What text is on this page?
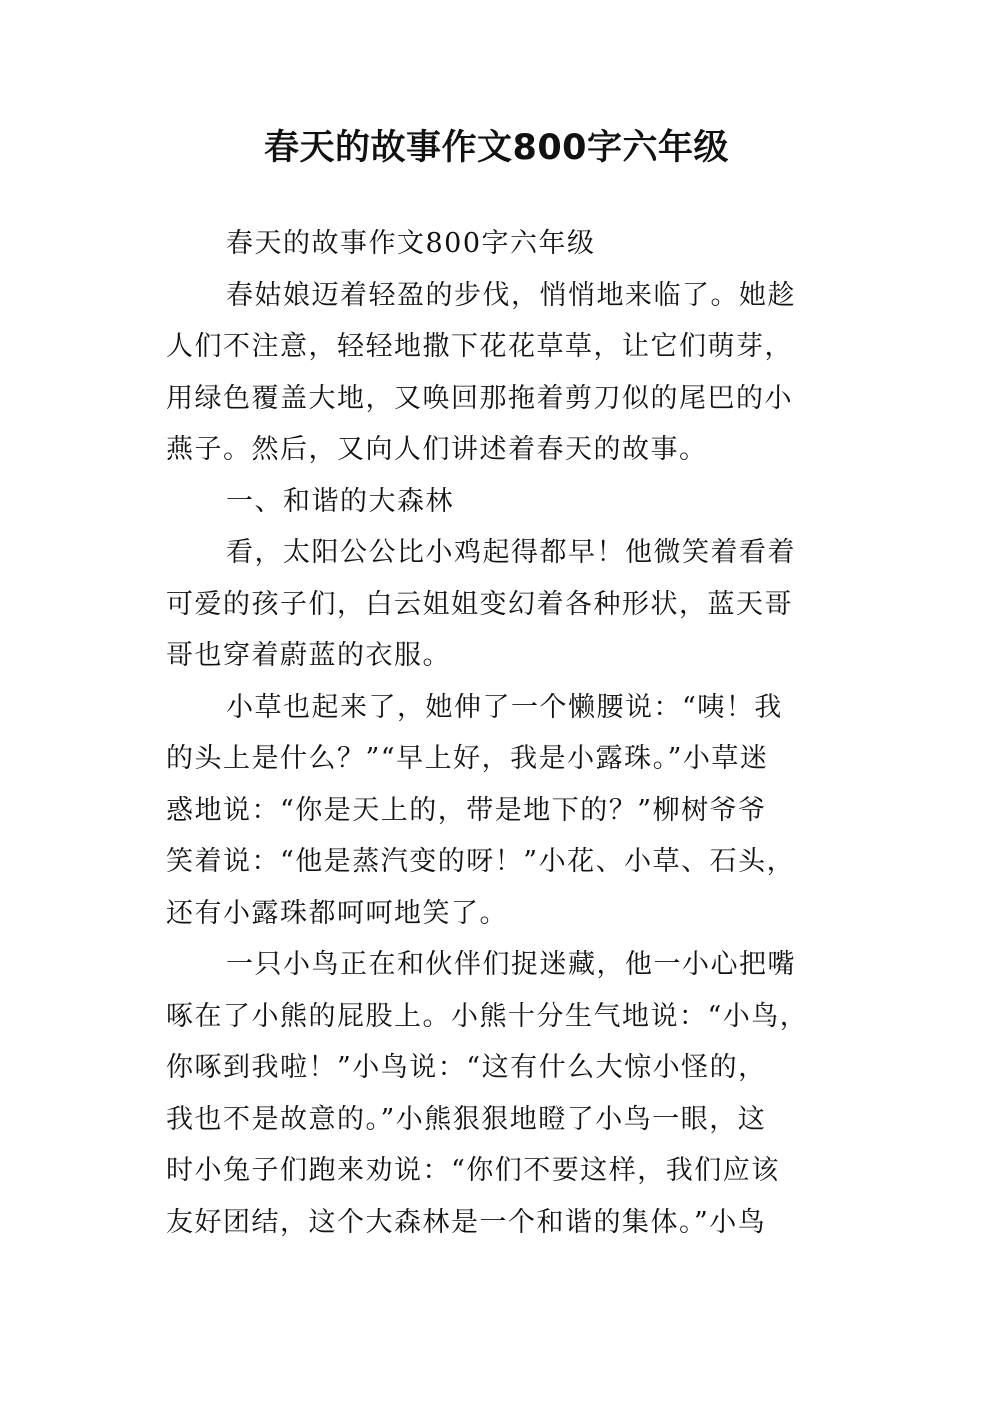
春天的故事作文800字六年级
春天的故事作文800字六年级
春姑娘迈着轻盈的步伐，悄悄地来临了。她趁
人们不注意，轻轻地撒下花花草草，让它们萌芽，
用绿色覆盖大地，又唤回那拖着剪刀似的尾巴的小
燕子。然后，又向人们讲述着春天的故事。
一、和谐的大森林
看，太阳公公比小鸡起得都早！他微笑着看着
可爱的孩子们，白云姐姐变幻着各种形状，蓝天哥
哥也穿着蔚蓝的衣服。
小草也起来了，她伸了一个懒腰说：“咦！我
的头上是什么？”“早上好，我是小露珠。”小草迷
惑地说：“你是天上的，带是地下的？”柳树爷爷
笑着说：“他是蒸汽变的呀！”小花、小草、石头，
还有小露珠都呵呵地笑了。
一只小鸟正在和伙伴们捉迷藏，他一小心把嘴
啄在了小熊的屁股上。小熊十分生气地说：“小鸟，
你啄到我啦！”小鸟说：“这有什么大惊小怪的，
我也不是故意的。”小熊狠狠地瞪了小鸟一眼，这
时小兔子们跑来劝说：“你们不要这样，我们应该
友好团结，这个大森林是一个和谐的集体。”小鸟
